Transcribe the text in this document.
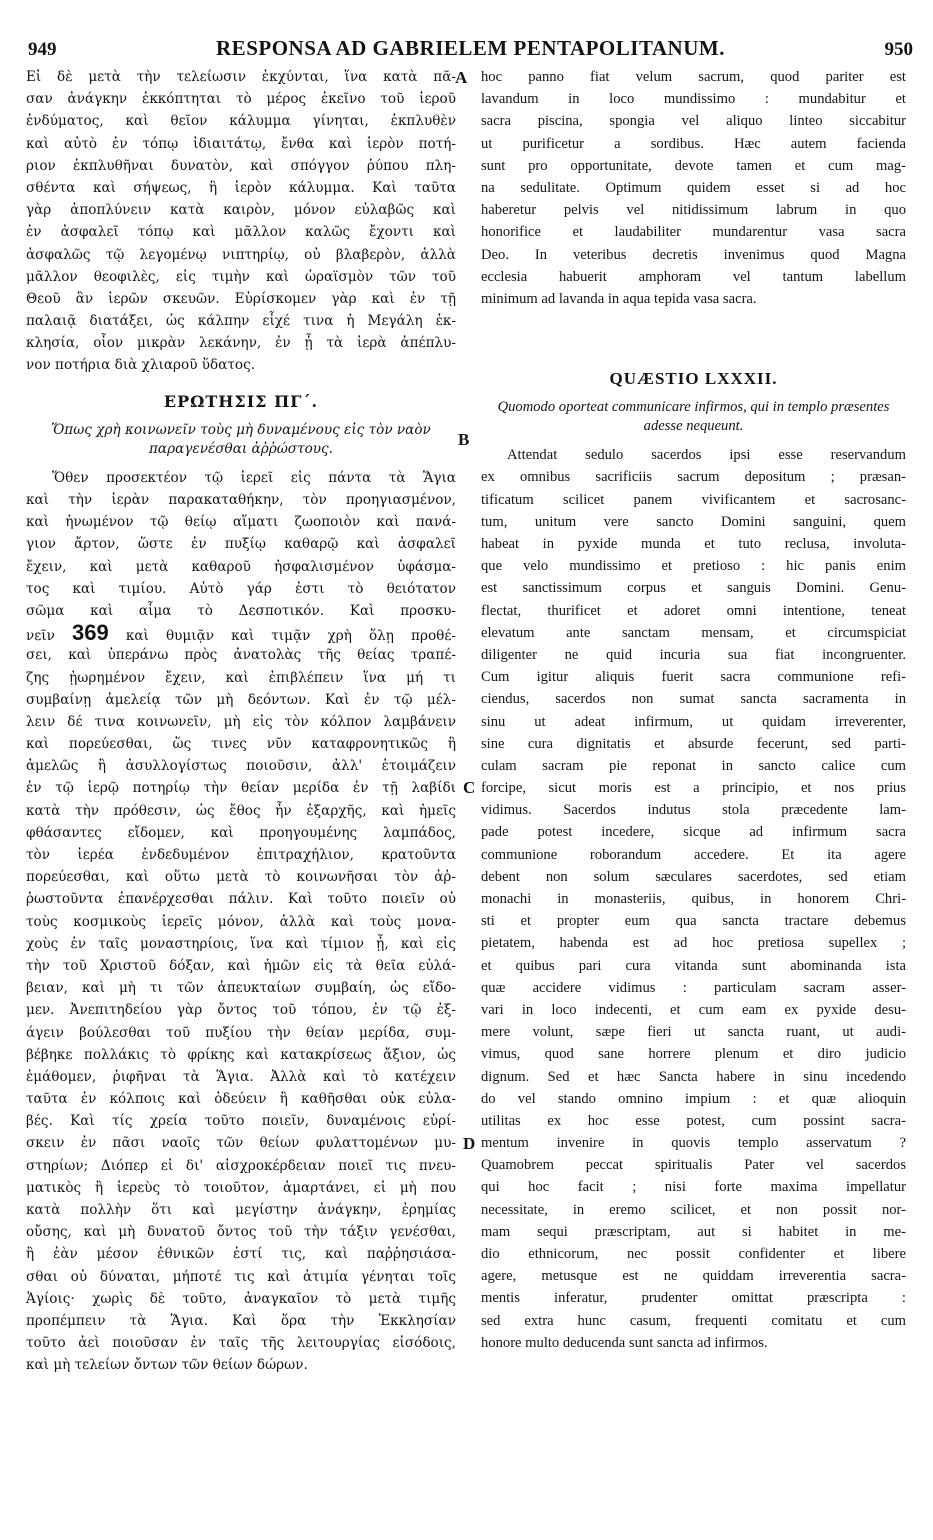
949	RESPONSA AD GABRIELEM PENTAPOLITANUM.	950
A
B
C
D
Εἰ δὲ μετὰ τὴν τελείωσιν ἐκχύνται, ἵνα κατὰ πᾶ-
σαν ἀνάγκην ἐκκόπτηται τὸ μέρος ἐκεῖνο τοῦ ἱεροῦ
ἐνδύματος, καὶ θεῖον κάλυμμα γίνηται, ἐκπλυθὲν
καὶ αὐτὸ ἐν τόπῳ ἰδιαιτάτῳ, ἔνθα καὶ ἱερὸν ποτή-
ριον ἐκπλυθῆναι δυνατὸν, καὶ σπόγγον ῥύπου πλη-
σθέντα καὶ σήψεως, ἢ ἱερὸν κάλυμμα. Καὶ ταῦτα
γὰρ ἀποπλύνειν κατὰ καιρὸν, μόνον εὐλαβῶς καὶ
ἐν ἀσφαλεῖ τόπῳ καὶ μᾶλλον καλῶς ἔχοντι καὶ
ἀσφαλῶς τῷ λεγομένῳ νιπτηρίῳ, οὐ βλαβερὸν, ἀλλὰ
μᾶλλον θεοφιλὲς, εἰς τιμὴν καὶ ὡραϊσμὸν τῶν τοῦ
Θεοῦ ἂν ἱερῶν σκευῶν. Εὑρίσκομεν γὰρ καὶ ἐν τῇ
παλαιᾷ διατάξει, ὡς κάλπην εἶχέ τινα ἡ Μεγάλη ἐκ-
κλησία, οἷον μικρὰν λεκάνην, ἐν ᾗ τὰ ἱερὰ ἀπέπλυ-
νον ποτήρια διὰ χλιαροῦ ὕδατος.
ΕΡΩΤΗΣΙΣ ΠΓ΄.
Ὅπως χρὴ κοινωνεῖν τοὺς μὴ δυναμένους εἰς τὸν ναὸν παραγενέσθαι ἀῤῥώστους.
Ὅθεν προσεκτέον τῷ ἱερεῖ εἰς πάντα τὰ Ἅγια
καὶ τὴν ἱερὰν παρακαταθήκην, τὸν προηγιασμένον,
καὶ ἡνωμένον τῷ θείῳ αἵματι ζωοποιὸν καὶ πανά-
γιον ἄρτον, ὥστε ἐν πυξίῳ καθαρῷ καὶ ἀσφαλεῖ
ἔχειν, καὶ μετὰ καθαροῦ ἠσφαλισμένον ὑφάσμα-
τος καὶ τιμίου. Αὐτὸ γάρ ἐστι τὸ θειότατον
σῶμα καὶ αἷμα τὸ Δεσποτικόν. Καὶ προσκυ-
νεῖν 369 καὶ θυμιᾷν καὶ τιμᾷν χρὴ ὅλῃ προθέ-
σει, καὶ ὑπεράνω πρὸς ἀνατολὰς τῆς θείας τραπέ-
ζης ᾐωρημένον ἔχειν, καὶ ἐπιβλέπειν ἵνα μή τι
συμβαίνῃ ἀμελείᾳ τῶν μὴ δεόντων. Καὶ ἐν τῷ μέλ-
λειν δέ τινα κοινωνεῖν, μὴ εἰς τὸν κόλπον λαμβάνειν
καὶ πορεύεσθαι, ὥς τινες νῦν καταφρονητικῶς ἢ
ἀμελῶς ἢ ἀσυλλογίστως ποιοῦσιν, ἀλλ' ἑτοιμάζειν
ἐν τῷ ἱερῷ ποτηρίῳ τὴν θείαν μερίδα ἐν τῇ λαβίδι
κατὰ τὴν πρόθεσιν, ὡς ἔθος ἦν ἐξαρχῆς, καὶ ἡμεῖς
φθάσαντες εἴδομεν, καὶ προηγουμένης λαμπάδος,
τὸν ἱερέα ἐνδεδυμένον ἐπιτραχήλιον, κρατοῦντα
πορεύεσθαι, καὶ οὕτω μετὰ τὸ κοινωνῆσαι τὸν ἀῤ-
ῥωστοῦντα ἐπανέρχεσθαι πάλιν. Καὶ τοῦτο ποιεῖν οὐ
τοὺς κοσμικοὺς ἱερεῖς μόνον, ἀλλὰ καὶ τοὺς μονα-
χοὺς ἐν ταῖς μοναστηρίοις, ἵνα καὶ τίμιον ᾖ, καὶ εἰς
τὴν τοῦ Χριστοῦ δόξαν, καὶ ἡμῶν εἰς τὰ θεῖα εὐλά-
βειαν, καὶ μὴ τι τῶν ἀπευκταίων συμβαίη, ὡς εἴδο-
μεν. Ἀνεπιτηδείου γὰρ ὄντος τοῦ τόπου, ἐν τῷ ἐξ-
άγειν βούλεσθαι τοῦ πυξίου τὴν θείαν μερίδα, συμ-
βέβηκε πολλάκις τὸ φρίκης καὶ κατακρίσεως ἄξιον, ὡς
ἐμάθομεν, ῥιφῆναι τὰ Ἅγια. Ἀλλὰ καὶ τὸ κατέχειν
ταῦτα ἐν κόλποις καὶ ὁδεύειν ἢ καθῆσθαι οὐκ εὐλα-
βές. Καὶ τίς χρεία τοῦτο ποιεῖν, δυναμένοις εὑρί-
σκειν ἐν πᾶσι ναοῖς τῶν θείων φυλαττομένων μυ-
στηρίων; Διόπερ εἰ δι' αἰσχροκέρδειαν ποιεῖ τις πνευ-
ματικὸς ἢ ἱερεὺς τὸ τοιοῦτον, ἁμαρτάνει, εἰ μὴ που
κατὰ πολλὴν ὅτι καὶ μεγίστην ἀνάγκην, ἐρημίας
οὔσης, καὶ μὴ δυνατοῦ ὄντος τοῦ τὴν τάξιν γενέσθαι,
ἢ ἐὰν μέσον ἐθνικῶν ἐστί τις, καὶ παῤῥησιάσα-
σθαι οὐ δύναται, μήποτέ τις καὶ ἀτιμία γένηται τοῖς
Ἁγίοις· χωρὶς δὲ τοῦτο, ἀναγκαῖον τὸ μετὰ τιμῆς
προπέμπειν τὰ Ἅγια. Καὶ ὅρα τὴν Ἐκκλησίαν
τοῦτο ἀεὶ ποιοῦσαν ἐν ταῖς τῆς λειτουργίας εἰσόδοις,
καὶ μὴ τελείων ὄντων τῶν θείων δώρων.
hoc panno fiat velum sacrum, quod pariter est
lavandum in loco mundissimo : mundabitur et
sacra piscina, spongia vel aliquo linteo siccabitur
ut purificetur a sordibus. Hæc autem facienda
sunt pro opportunitate, devote tamen et cum mag-
na sedulitate. Optimum quidem esset si ad hoc
haberetur pelvis vel nitidissimum labrum in quo
honorifice et laudabiliter mundarentur vasa sacra
Deo. In veteribus decretis invenimus quod Magna
ecclesia habuerit amphoram vel tantum labellum
minimum ad lavanda in aqua tepida vasa sacra.
QUÆSTIO LXXXII.
Quomodo oporteat communicare infirmos, qui in templo præsentes adesse nequeunt.
Attendat sedulo sacerdos ipsi esse reservandum
ex omnibus sacrificiis sacrum depositum ; præsan-
tificatum scilicet panem vivificantem et sacrosanc-
tum, unitum vere sancto Domini sanguini, quem
habeat in pyxide munda et tuto reclusa, involuta-
que velo mundissimo et pretioso : hic panis enim
est sanctissimum corpus et sanguis Domini. Genu-
flectat, thurificet et adoret omni intentione, teneat
elevatum ante sanctam mensam, et circumspiciat
diligenter ne quid incuria sua fiat incongruenter.
Cum igitur aliquis fuerit sacra communione refi-
ciendus, sacerdos non sumat sancta sacramenta in
sinu ut adeat infirmum, ut quidam irreverenter,
sine cura dignitatis et absurde fecerunt, sed parti-
culam sacram pie reponat in sancto calice cum
forcipe, sicut moris est a principio, et nos prius
vidimus. Sacerdos indutus stola præcedente lam-
pade potest incedere, sicque ad infirmum sacra
communione roborandum accedere. Et ita agere
debent non solum sæculares sacerdotes, sed etiam
monachi in monasteriis, quibus, in honorem Chri-
sti et propter eum qua sancta tractare debemus
pietatem, habenda est ad hoc pretiosa supellex ;
et quibus pari cura vitanda sunt abominanda ista
quæ accidere vidimus : particulam sacram asser-
vari in loco indecenti, et cum eam ex pyxide desu-
mere volunt, sæpe fieri ut sancta ruant, ut audi-
vimus, quod sane horrere plenum et diro judicio
dignum. Sed et hæc Sancta habere in sinu incedendo
do vel stando omnino impium : et quæ alioquin
utilitas ex hoc esse potest, cum possint sacra-
mentum invenire in quovis templo asservatum ?
Quamobrem peccat spiritualis Pater vel sacerdos
qui hoc facit ; nisi forte maxima impellatur
necessitate, in eremo scilicet, et non possit nor-
mam sequi præscriptam, aut si habitet in me-
dio ethnicorum, nec possit confidenter et libere
agere, metusque est ne quiddam irreverentia sacra-
mentis inferatur, prudenter omittat præscripta :
sed extra hunc casum, frequenti comitatu et cum
honore multo deducenda sunt sancta ad infirmos.
